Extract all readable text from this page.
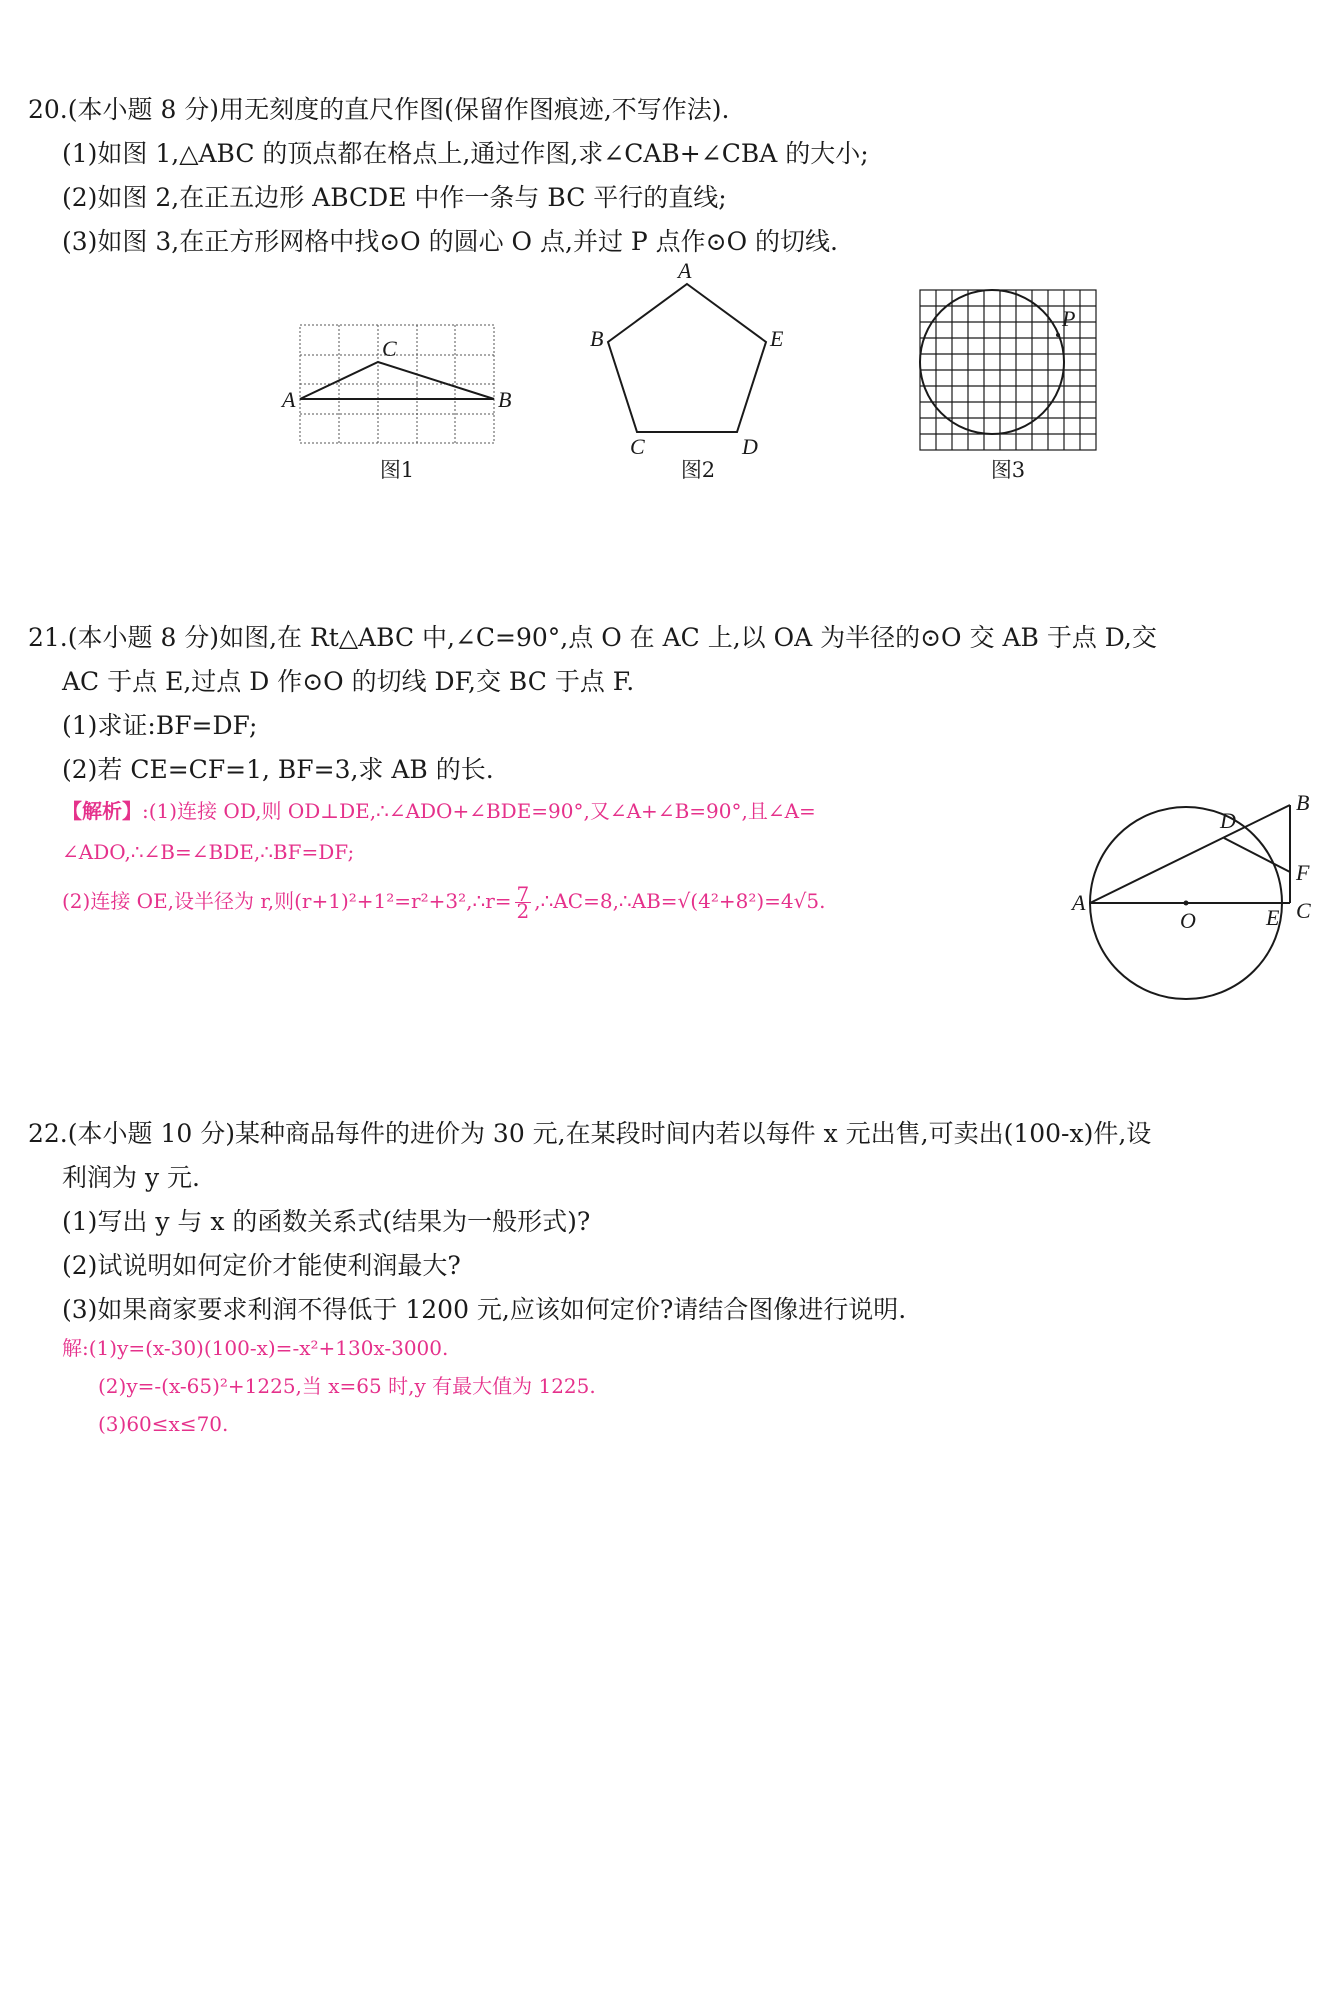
20.(本小题 8 分)用无刻度的直尺作图(保留作图痕迹,不写作法).
(1)如图 1,△ABC 的顶点都在格点上,通过作图,求∠CAB+∠CBA 的大小;
(2)如图 2,在正五边形 ABCDE 中作一条与 BC 平行的直线;
(3)如图 3,在正方形网格中找⊙O 的圆心 O 点,并过 P 点作⊙O 的切线.
A	B
C
图1
A
B	E
C	D
图2
P
图3
21.(本小题 8 分)如图,在 Rt△ABC 中,∠C=90°,点 O 在 AC 上,以 OA 为半径的⊙O 交 AB 于点 D,交
AC 于点 E,过点 D 作⊙O 的切线 DF,交 BC 于点 F.
(1)求证:BF=DF;
(2)若 CE=CF=1, BF=3,求 AB 的长.
【解析】:(1)连接 OD,则 OD⊥DE,∴∠ADO+∠BDE=90°,又∠A+∠B=90°,且∠A=
∠ADO,∴∠B=∠BDE,∴BF=DF;
(2)连接 OE,设半径为 r,则(r+1)²+1²=r²+3²,∴r= $\frac{7}{2}$ ,∴AC=8,∴AB=√(4²+8²)=4√5.	A
B
C
D
E
F
O
22.(本小题 10 分)某种商品每件的进价为 30 元,在某段时间内若以每件 x 元出售,可卖出(100-x)件,设
利润为 y 元.
(1)写出 y 与 x 的函数关系式(结果为一般形式)?
(2)试说明如何定价才能使利润最大?
(3)如果商家要求利润不得低于 1200 元,应该如何定价?请结合图像进行说明.
解:(1)y=(x-30)(100-x)=-x²+130x-3000.
(2)y=-(x-65)²+1225,当 x=65 时,y 有最大值为 1225.
(3)60≤x≤70.
